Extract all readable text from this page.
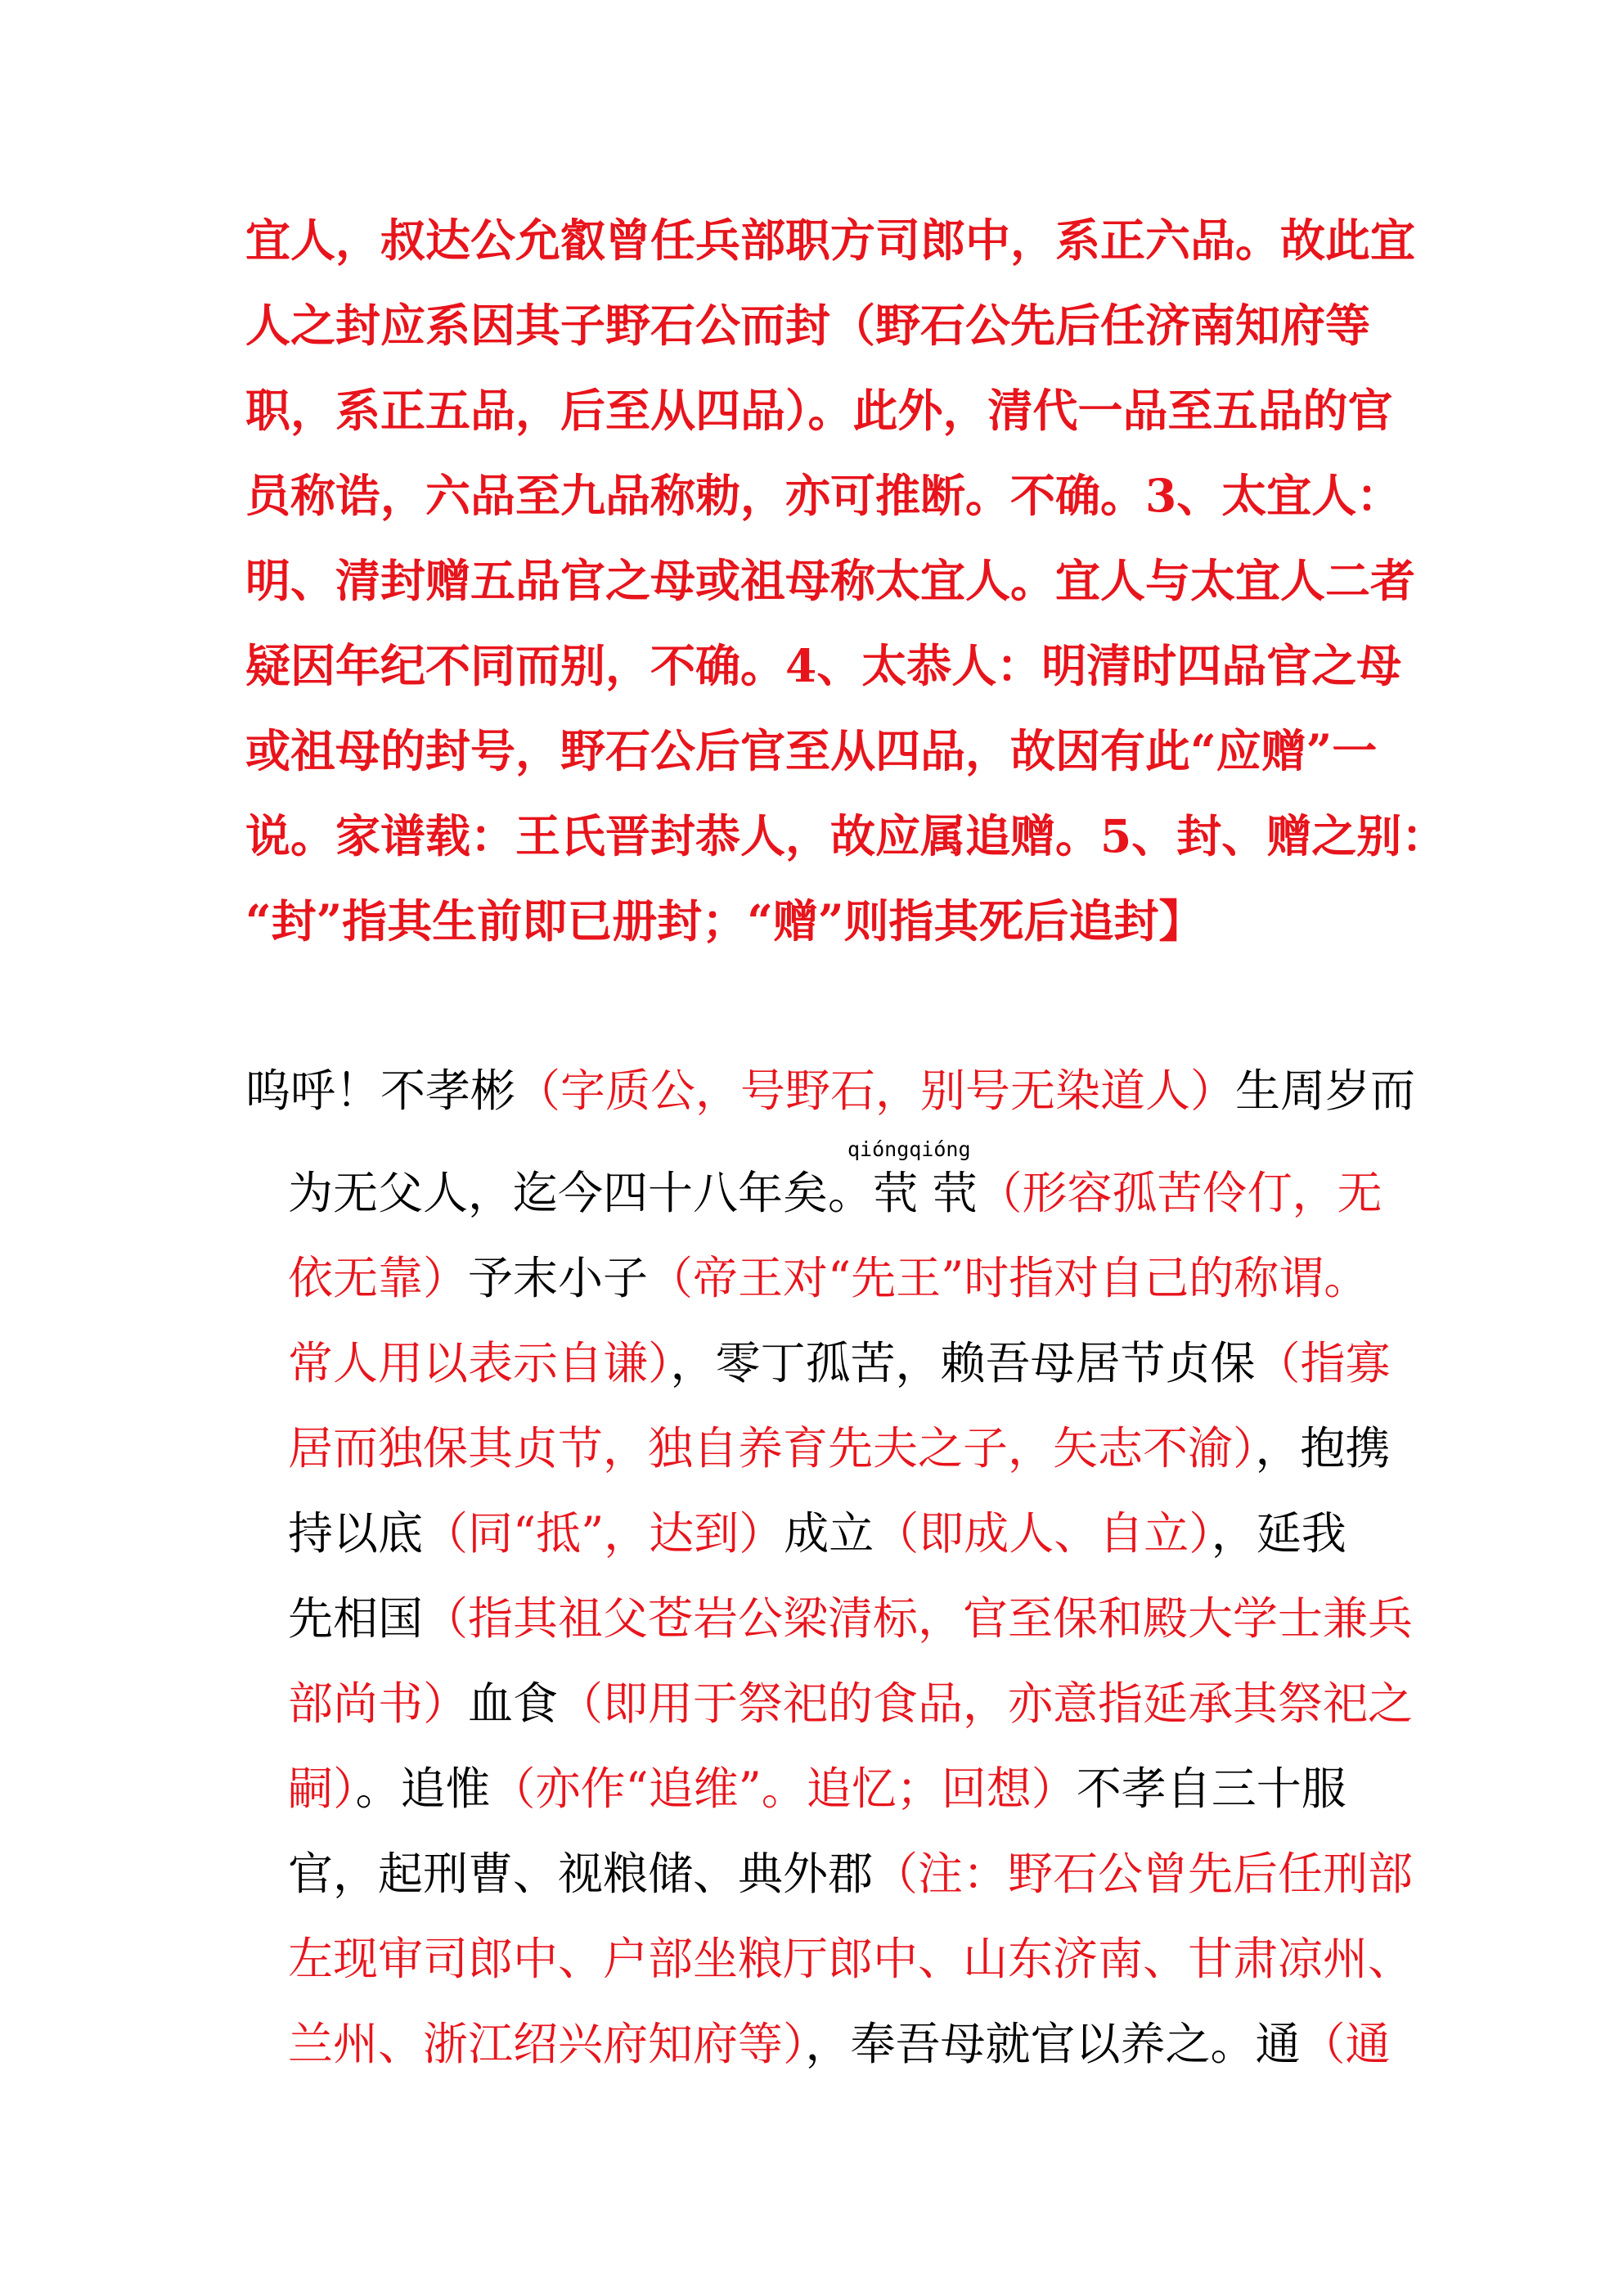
宜人，叔达公允叡曾任兵部职方司郎中，系正六品。故此宜
人之封应系因其子野石公而封（野石公先后任济南知府等
职，系正五品，后至从四品）。此外，清代一品至五品的官
员称诰，六品至九品称勅，亦可推断。不确。3、太宜人：
明、清封赠五品官之母或祖母称太宜人。宜人与太宜人二者
疑因年纪不同而别，不确。4、太恭人：明清时四品官之母
或祖母的封号，野石公后官至从四品，故因有此“应赠”一
说。家谱载：王氏晋封恭人，故应属追赠。5、封、赠之别：
“封”指其生前即已册封；“赠”则指其死后追封】
呜呼！不孝彬（字质公，号野石，别号无染道人）生周岁而
qióngqióng
为无父人，迄今四十八年矣。茕 茕（形容孤苦伶仃，无
依无靠）予末小子（帝王对“先王”时指对自己的称谓。
常人用以表示自谦），零丁孤苦，赖吾母居节贞保（指寡
居而独保其贞节，独自养育先夫之子，矢志不渝），抱携
持以底（同“抵”，达到）成立（即成人、自立），延我
先相国（指其祖父苍岩公梁清标，官至保和殿大学士兼兵
部尚书）血食（即用于祭祀的食品，亦意指延承其祭祀之
嗣）。追惟（亦作“追维”。追忆；回想）不孝自三十服
官，起刑曹、视粮储、典外郡（注：野石公曾先后任刑部
左现审司郎中、户部坐粮厅郎中、山东济南、甘肃凉州、
兰州、浙江绍兴府知府等），奉吾母就官以养之。通（通
